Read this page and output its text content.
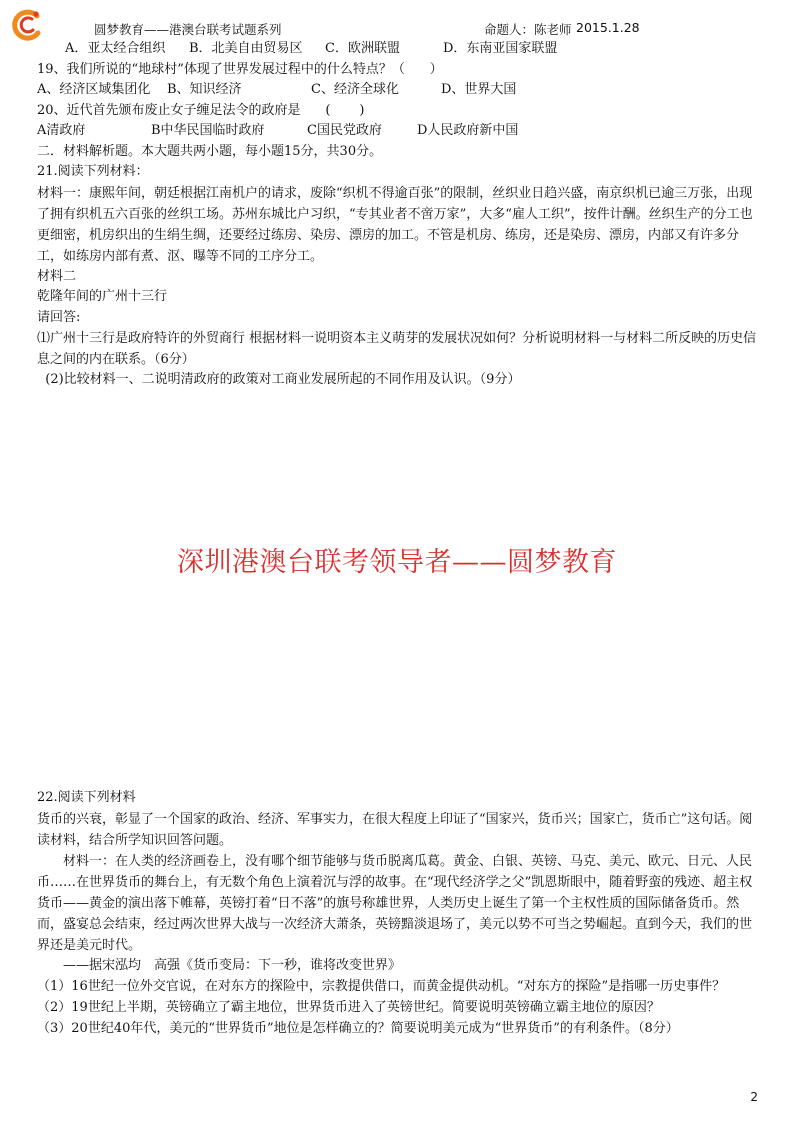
圆梦教育——港澳台联考试题系列	命题人：陈老师 2015.1.28
A．亚太经合组织	B．北美自由贸易区	C．欧洲联盟	D．东南亚国家联盟
19、我们所说的“地球村”体现了世界发展过程中的什么特点？（      ）
A、经济区域集团化	B、知识经济	C、经济全球化	D、世界大国
20、近代首先颁布废止女子缠足法令的政府是      (       )
A清政府	B中华民国临时政府	C国民党政府	D人民政府新中国
二．材料解析题。本大题共两小题，每小题15分，共30分。
21.阅读下列材料：

材料一：康熙年间，朝廷根据江南机户的请求，废除“织机不得逾百张”的限制，丝织业日趋兴盛，南京织机已逾三万张，出现了拥有织机五六百张的丝织工场。苏州东城比户习织，“专其业者不啻万家”，大多“雇人工织”，按件计酬。丝织生产的分工也更细密，机房织出的生绢生绸，还要经过练房、染房、漂房的加工。不管是机房、练房，还是染房、漂房，内部又有许多分工，如练房内部有煮、沤、曝等不同的工序分工。

材料二
乾隆年间的广州十三行
请回答:

⑴广州十三行是政府特许的外贸商行 根据材料一说明资本主义萌芽的发展状况如何？分析说明材料一与材料二所反映的历史信息之间的内在联系。（6分）

(2)比较材料一、二说明清政府的政策对工商业发展所起的不同作用及认识。（9分）
深圳港澳台联考领导者——圆梦教育
22.阅读下列材料

货币的兴衰，彰显了一个国家的政治、经济、军事实力，在很大程度上印证了“国家兴，货币兴；国家亡，货币亡”这句话。阅读材料，结合所学知识回答问题。

材料一：在人类的经济画卷上，没有哪个细节能够与货币脱离瓜葛。黄金、白银、英镑、马克、美元、欧元、日元、人民币……在世界货币的舞台上，有无数个角色上演着沉与浮的故事。在“现代经济学之父”凯恩斯眼中，随着野蛮的残迹、超主权货币——黄金的演出落下帷幕，英镑打着“日不落”的旗号称雄世界，人类历史上诞生了第一个主权性质的国际储备货币。然而，盛宴总会结束，经过两次世界大战与一次经济大萧条，英镑黯淡退场了，美元以势不可当之势崛起。直到今天，我们的世界还是美元时代。

——据宋泓均　高强《货币变局：下一秒，谁将改变世界》

（1）16世纪一位外交官说，在对东方的探险中，宗教提供借口，而黄金提供动机。“对东方的探险”是指哪一历史事件？

（2）19世纪上半期，英镑确立了霸主地位，世界货币进入了英镑世纪。简要说明英镑确立霸主地位的原因？

（3）20世纪40年代，美元的“世界货币”地位是怎样确立的？简要说明美元成为“世界货币”的有利条件。（8分）

2
